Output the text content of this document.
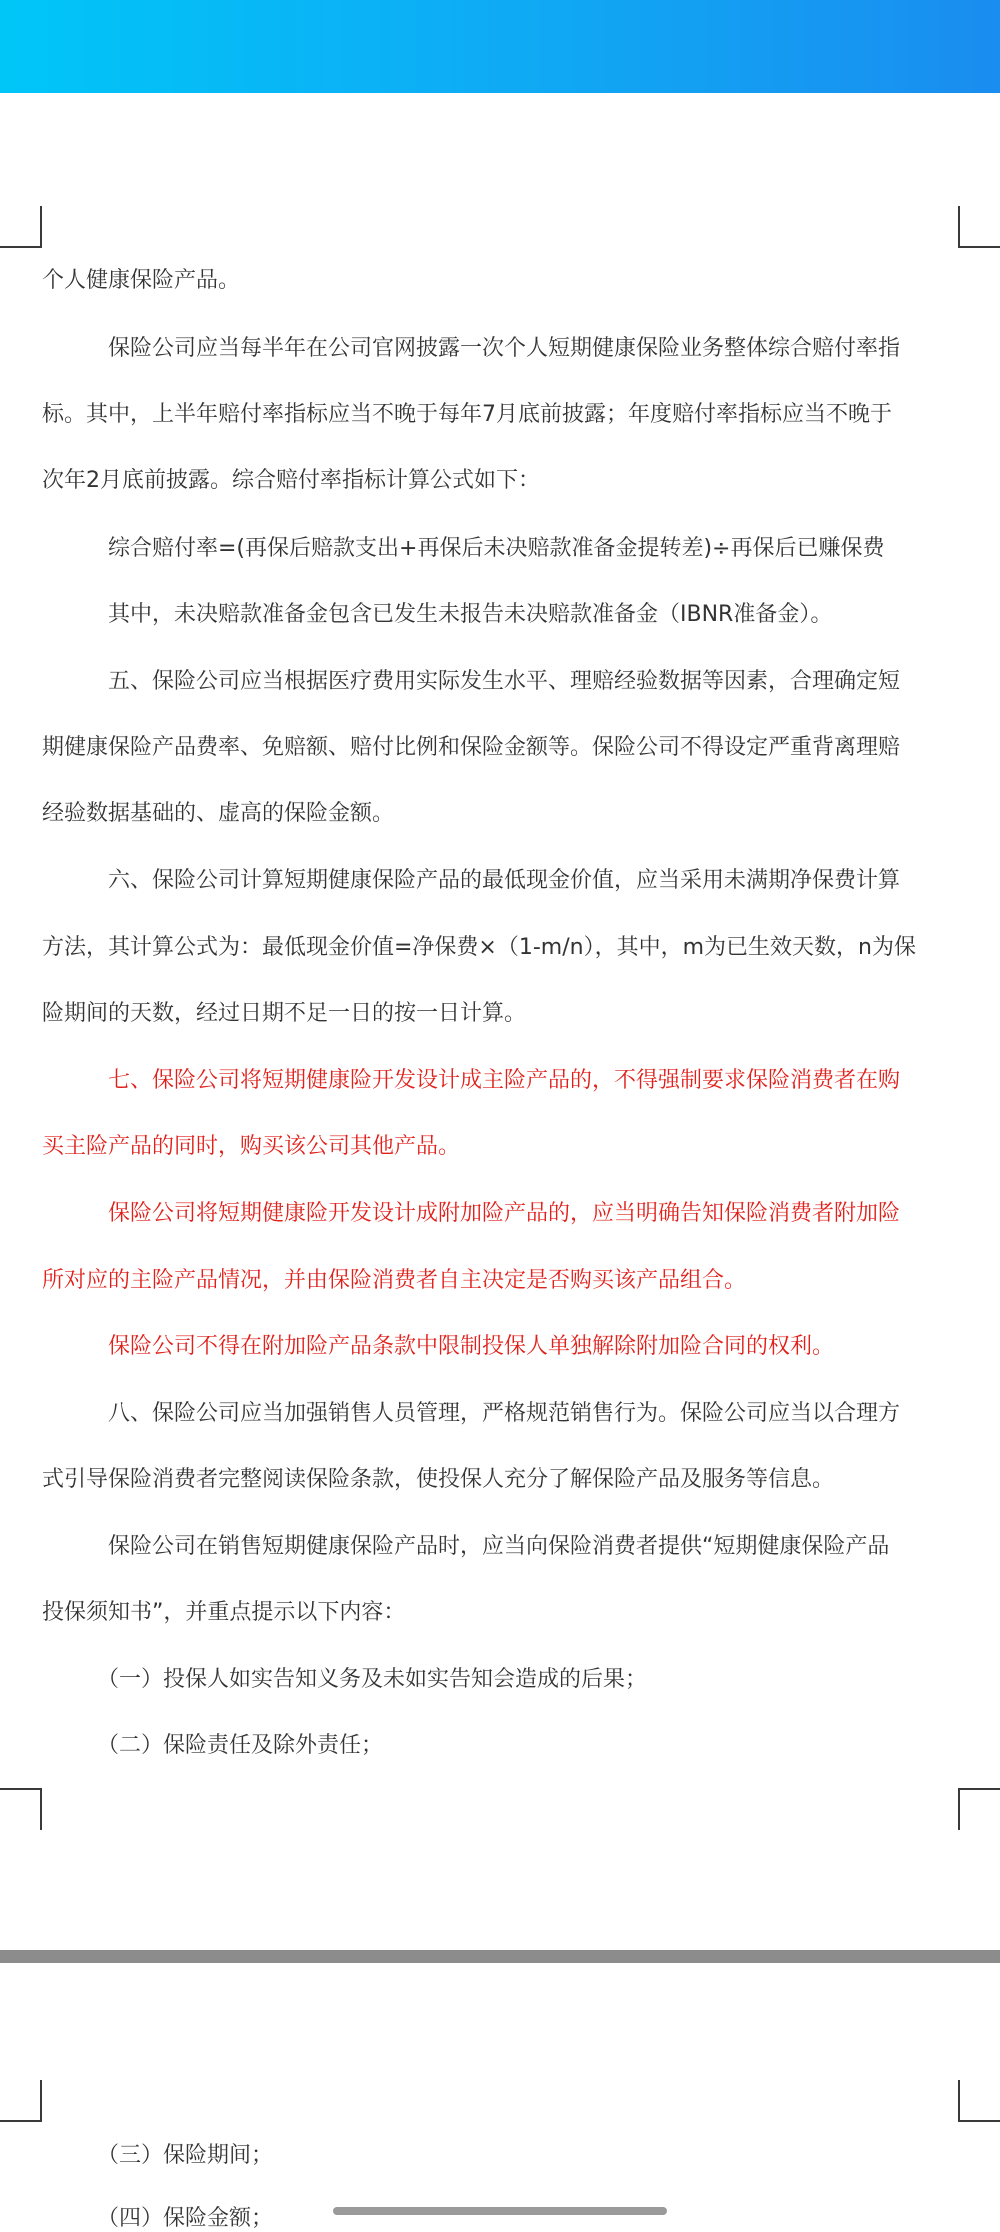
个人健康保险产品。
　　　保险公司应当每半年在公司官网披露一次个人短期健康保险业务整体综合赔付率指
标。其中，上半年赔付率指标应当不晚于每年7月底前披露；年度赔付率指标应当不晚于
次年2月底前披露。综合赔付率指标计算公式如下：
　　　综合赔付率=(再保后赔款支出+再保后未决赔款准备金提转差)÷再保后已赚保费
　　　其中，未决赔款准备金包含已发生未报告未决赔款准备金（IBNR准备金）。
　　　五、保险公司应当根据医疗费用实际发生水平、理赔经验数据等因素，合理确定短
期健康保险产品费率、免赔额、赔付比例和保险金额等。保险公司不得设定严重背离理赔
经验数据基础的、虚高的保险金额。
　　　六、保险公司计算短期健康保险产品的最低现金价值，应当采用未满期净保费计算
方法，其计算公式为：最低现金价值=净保费×（1-m/n），其中，m为已生效天数，n为保
险期间的天数，经过日期不足一日的按一日计算。
　　　七、保险公司将短期健康险开发设计成主险产品的，不得强制要求保险消费者在购
买主险产品的同时，购买该公司其他产品。
　　　保险公司将短期健康险开发设计成附加险产品的，应当明确告知保险消费者附加险
所对应的主险产品情况，并由保险消费者自主决定是否购买该产品组合。
　　　保险公司不得在附加险产品条款中限制投保人单独解除附加险合同的权利。
　　　八、保险公司应当加强销售人员管理，严格规范销售行为。保险公司应当以合理方
式引导保险消费者完整阅读保险条款，使投保人充分了解保险产品及服务等信息。
　　　保险公司在销售短期健康保险产品时，应当向保险消费者提供“短期健康保险产品
投保须知书”，并重点提示以下内容：
　　　（一）投保人如实告知义务及未如实告知会造成的后果；
　　　（二）保险责任及除外责任；
　　　（三）保险期间；
　　　（四）保险金额；
